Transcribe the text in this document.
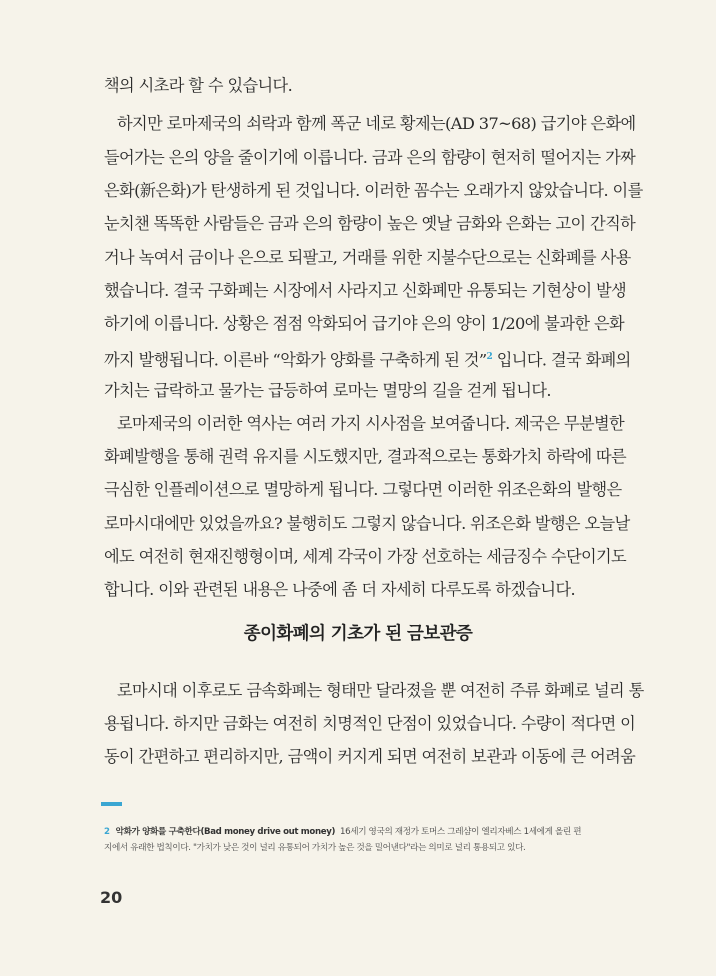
책의 시초라 할 수 있습니다.
하지만 로마제국의 쇠락과 함께 폭군 네로 황제는(AD 37~68) 급기야 은화에
들어가는 은의 양을 줄이기에 이릅니다. 금과 은의 함량이 현저히 떨어지는 가짜
은화(新은화)가 탄생하게 된 것입니다. 이러한 꼼수는 오래가지 않았습니다. 이를
눈치챈 똑똑한 사람들은 금과 은의 함량이 높은 옛날 금화와 은화는 고이 간직하
거나 녹여서 금이나 은으로 되팔고, 거래를 위한 지불수단으로는 신화폐를 사용
했습니다. 결국 구화폐는 시장에서 사라지고 신화폐만 유통되는 기현상이 발생
하기에 이릅니다. 상황은 점점 악화되어 급기야 은의 양이 1/20에 불과한 은화
까지 발행됩니다. 이른바 “악화가 양화를 구축하게 된 것”$^2$ 입니다. 결국 화폐의
가치는 급락하고 물가는 급등하여 로마는 멸망의 길을 걷게 됩니다.
로마제국의 이러한 역사는 여러 가지 시사점을 보여줍니다. 제국은 무분별한
화폐발행을 통해 권력 유지를 시도했지만, 결과적으로는 통화가치 하락에 따른
극심한 인플레이션으로 멸망하게 됩니다. 그렇다면 이러한 위조은화의 발행은
로마시대에만 있었을까요? 불행히도 그렇지 않습니다. 위조은화 발행은 오늘날
에도 여전히 현재진행형이며, 세계 각국이 가장 선호하는 세금징수 수단이기도
합니다. 이와 관련된 내용은 나중에 좀 더 자세히 다루도록 하겠습니다.
종이화폐의 기초가 된 금보관증
로마시대 이후로도 금속화폐는 형태만 달라졌을 뿐 여전히 주류 화폐로 널리 통
용됩니다. 하지만 금화는 여전히 치명적인 단점이 있었습니다. 수량이 적다면 이
동이 간편하고 편리하지만, 금액이 커지게 되면 여전히 보관과 이동에 큰 어려움
2 악화가 양화를 구축한다(Bad money drive out money) 16세기 영국의 재정가 토머스 그레샴이 엘리자베스 1세에게 올린 편
지에서 유래한 법칙이다. "가치가 낮은 것이 널리 유통되어 가치가 높은 것을 밀어낸다"라는 의미로 널리 통용되고 있다.
20
